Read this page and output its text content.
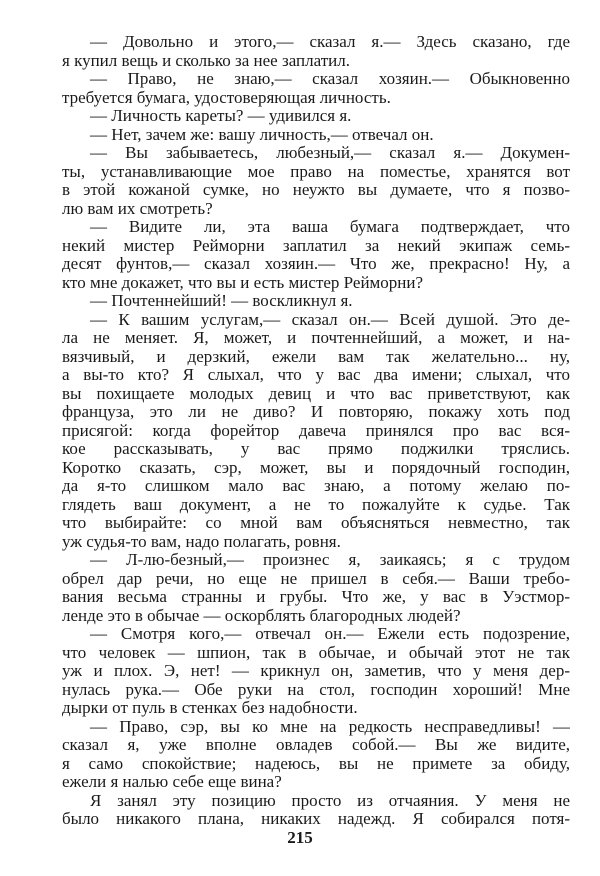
— Довольно и этого,— сказал я.— Здесь сказано, где
я купил вещь и сколько за нее заплатил.
— Право, не знаю,— сказал хозяин.— Обыкновенно
требуется бумага, удостоверяющая личность.
— Личность кареты? — удивился я.
— Нет, зачем же: вашу личность,— отвечал он.
— Вы забываетесь, любезный,— сказал я.— Докумен-
ты, устанавливающие мое право на поместье, хранятся вот
в этой кожаной сумке, но неужто вы думаете, что я позво-
лю вам их смотреть?
— Видите ли, эта ваша бумага подтверждает, что
некий мистер Рейморни заплатил за некий экипаж семь-
десят фунтов,— сказал хозяин.— Что же, прекрасно! Ну, а
кто мне докажет, что вы и есть мистер Рейморни?
— Почтеннейший! — воскликнул я.
— К вашим услугам,— сказал он.— Всей душой. Это де-
ла не меняет. Я, может, и почтеннейший, а может, и на-
вязчивый, и дерзкий, ежели вам так желательно... ну,
а вы-то кто? Я слыхал, что у вас два имени; слыхал, что
вы похищаете молодых девиц и что вас приветствуют, как
француза, это ли не диво? И повторяю, покажу хоть под
присягой: когда форейтор давеча принялся про вас вся-
кое рассказывать, у вас прямо поджилки тряслись.
Коротко сказать, сэр, может, вы и порядочный господин,
да я-то слишком мало вас знаю, а потому желаю по-
глядеть ваш документ, а не то пожалуйте к судье. Так
что выбирайте: со мной вам объясняться невместно, так
уж судья-то вам, надо полагать, ровня.
— Л-лю-безный,— произнес я, заикаясь; я с трудом
обрел дар речи, но еще не пришел в себя.— Ваши требо-
вания весьма странны и грубы. Что же, у вас в Уэстмор-
ленде это в обычае — оскорблять благородных людей?
— Смотря кого,— отвечал он.— Ежели есть подозрение,
что человек — шпион, так в обычае, и обычай этот не так
уж и плох. Э, нет! — крикнул он, заметив, что у меня дер-
нулась рука.— Обе руки на стол, господин хороший! Мне
дырки от пуль в стенках без надобности.
— Право, сэр, вы ко мне на редкость несправедливы! —
сказал я, уже вполне овладев собой.— Вы же видите,
я само спокойствие; надеюсь, вы не примете за обиду,
ежели я налью себе еще вина?
Я занял эту позицию просто из отчаяния. У меня не
было никакого плана, никаких надежд. Я собирался потя-
215
